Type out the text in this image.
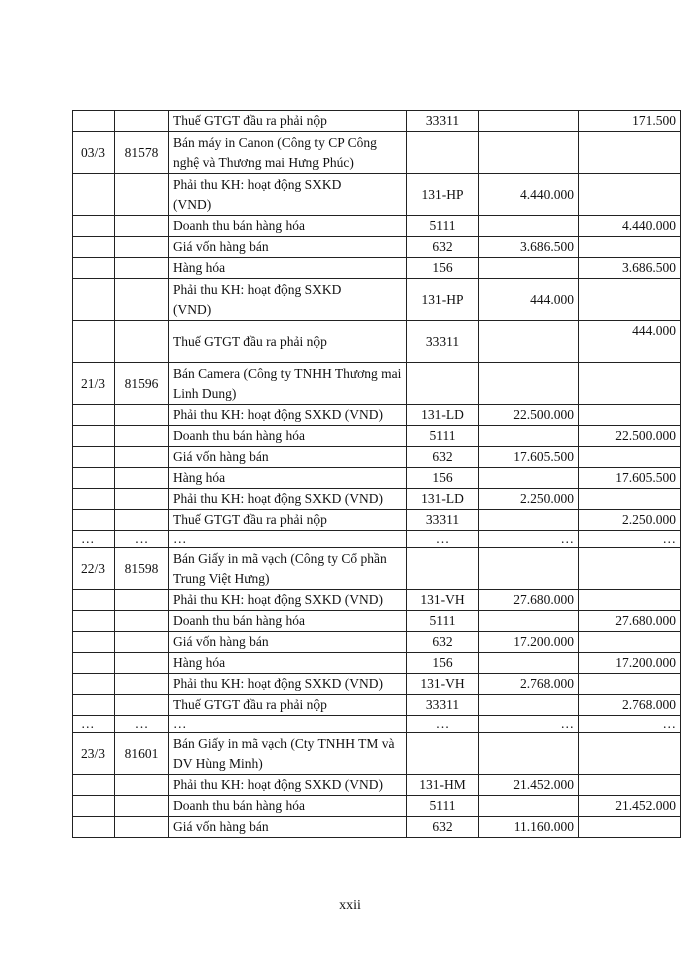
		Thuế GTGT đầu ra phải nộp	33311		171.500
03/3	81578	Bán máy in Canon (Công ty CP Công nghệ và Thương mai Hưng Phúc)			
		Phải thu KH: hoạt động SXKD (VND)	131-HP	4.440.000	
		Doanh thu bán hàng hóa	5111		4.440.000
		Giá vốn hàng bán	632	3.686.500	
		Hàng hóa	156		3.686.500
		Phải thu KH: hoạt động SXKD (VND)	131-HP	444.000	
		Thuế GTGT đầu ra phải nộp	33311		444.000
21/3	81596	Bán Camera (Công ty TNHH Thương mai Linh Dung)			
		Phải thu KH: hoạt động SXKD (VND)	131-LD	22.500.000	
		Doanh thu bán hàng hóa	5111		22.500.000
		Giá vốn hàng bán	632	17.605.500	
		Hàng hóa	156		17.605.500
		Phải thu KH: hoạt động SXKD (VND)	131-LD	2.250.000	
		Thuế GTGT đầu ra phải nộp	33311		2.250.000
…	…	…	…	…	…
22/3	81598	Bán Giấy in mã vạch (Công ty Cổ phần Trung Việt Hưng)			
		Phải thu KH: hoạt động SXKD (VND)	131-VH	27.680.000	
		Doanh thu bán hàng hóa	5111		27.680.000
		Giá vốn hàng bán	632	17.200.000	
		Hàng hóa	156		17.200.000
		Phải thu KH: hoạt động SXKD (VND)	131-VH	2.768.000	
		Thuế GTGT đầu ra phải nộp	33311		2.768.000
…	…	…	…	…	…
23/3	81601	Bán Giấy in mã vạch (Cty TNHH TM và DV Hùng Minh)			
		Phải thu KH: hoạt động SXKD (VND)	131-HM	21.452.000	
		Doanh thu bán hàng hóa	5111		21.452.000
		Giá vốn hàng bán	632	11.160.000	
xxii
